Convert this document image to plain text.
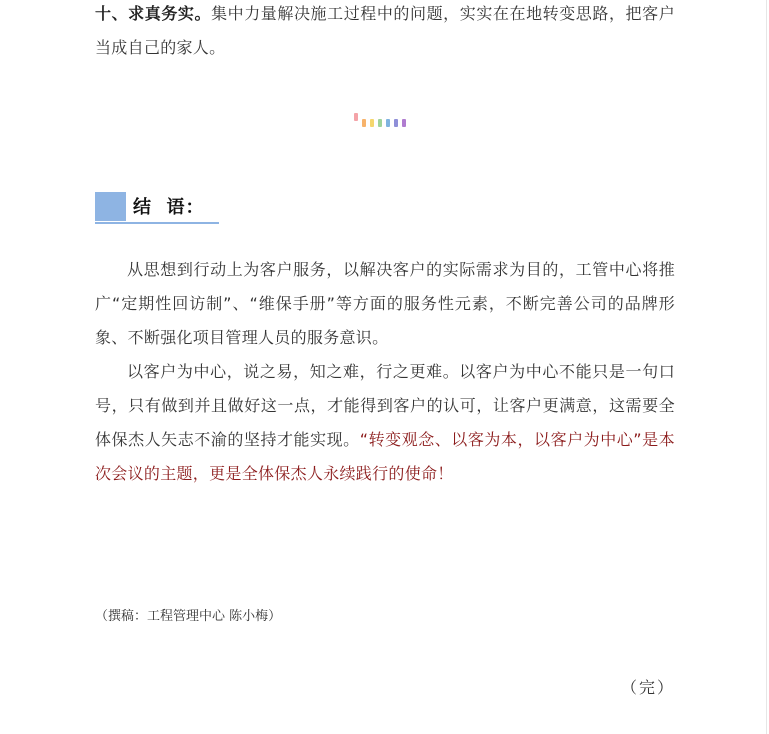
十、求真务实。集中力量解决施工过程中的问题，实实在在地转变思路，把客户当成自己的家人。

结  语：

从思想到行动上为客户服务，以解决客户的实际需求为目的，工管中心将推广“定期性回访制”、“维保手册”等方面的服务性元素，不断完善公司的品牌形象、不断强化项目管理人员的服务意识。

以客户为中心，说之易，知之难，行之更难。以客户为中心不能只是一句口号，只有做到并且做好这一点，才能得到客户的认可，让客户更满意，这需要全体保杰人矢志不渝的坚持才能实现。“转变观念、以客为本，以客户为中心”是本次会议的主题，更是全体保杰人永续践行的使命！

（撰稿：工程管理中心 陈小梅）

（完）
